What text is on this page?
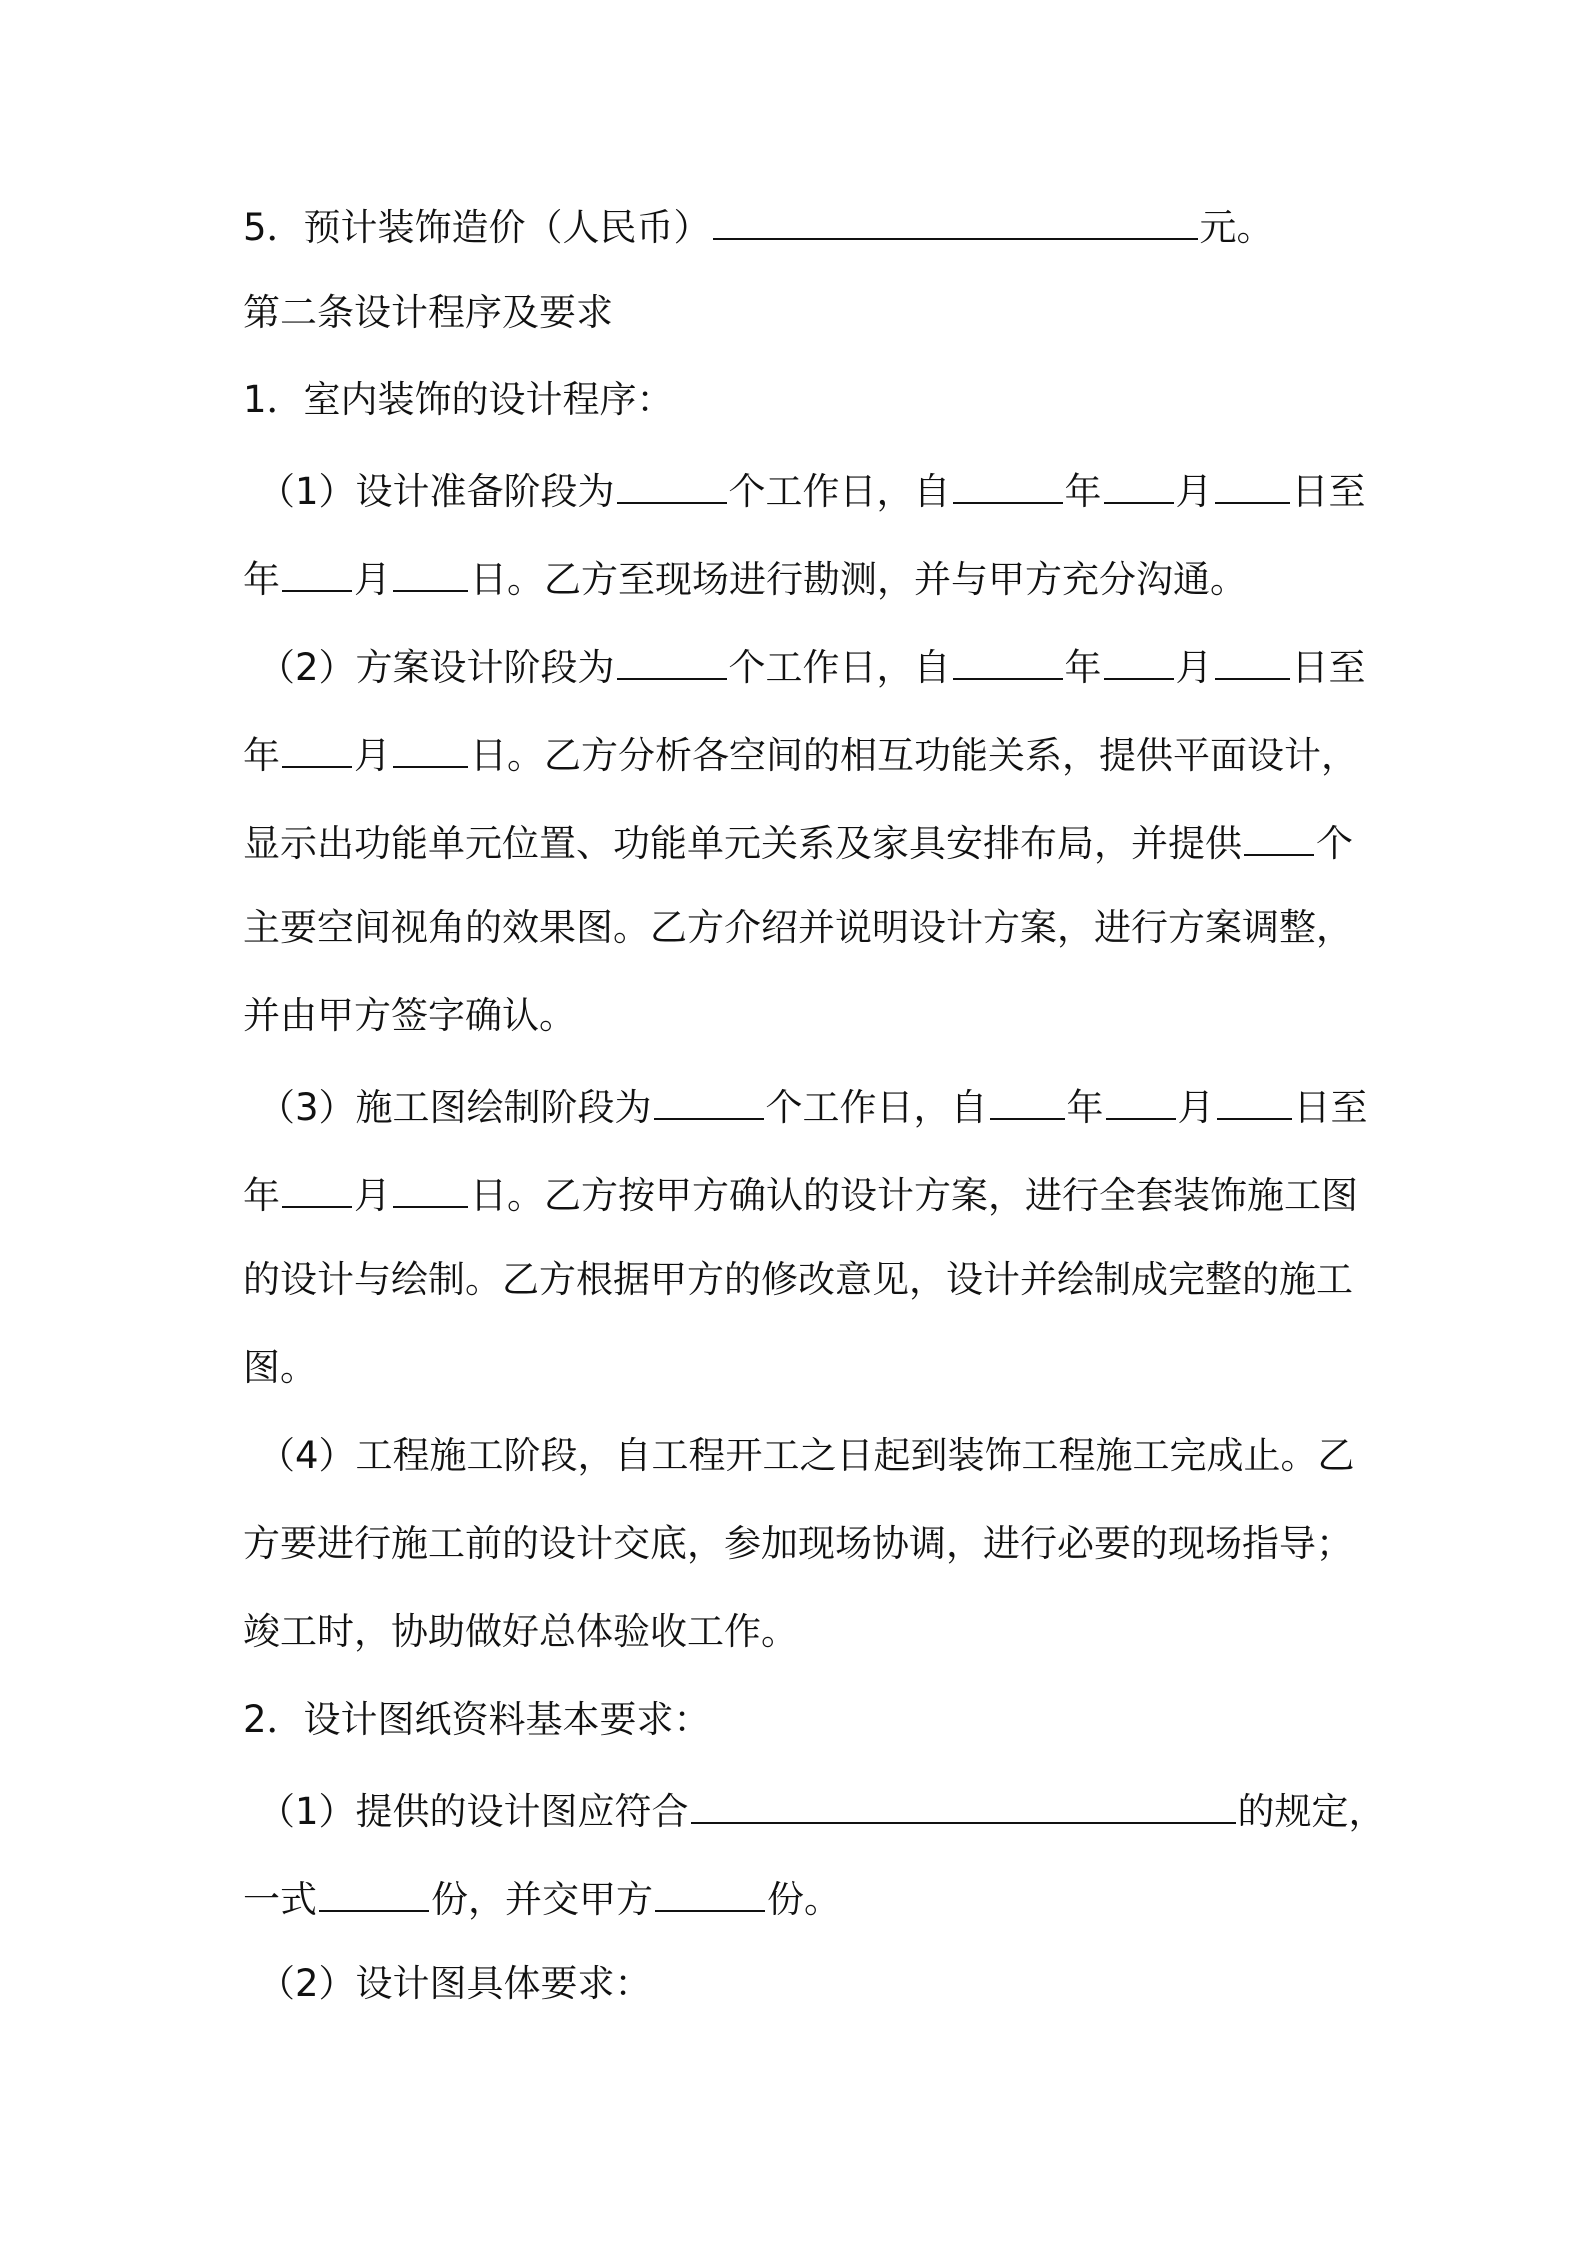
5．预计装饰造价（人民币）	元。
第二条设计程序及要求
1．室内装饰的设计程序：
（1）设计准备阶段为	个工作日，自	年 月 日至
年 月 日。乙方至现场进行勘测，并与甲方充分沟通。
（2）方案设计阶段为	个工作日，自	年 月 日至
年 月 日。乙方分析各空间的相互功能关系，提供平面设计，
显示出功能单元位置、功能单元关系及家具安排布局，并提供 个
主要空间视角的效果图。乙方介绍并说明设计方案，进行方案调整，
并由甲方签字确认。
（3）施工图绘制阶段为	个工作日，自 年 月 日至
年 月 日。乙方按甲方确认的设计方案，进行全套装饰施工图
的设计与绘制。乙方根据甲方的修改意见，设计并绘制成完整的施工
图。
（4）工程施工阶段，自工程开工之日起到装饰工程施工完成止。乙
方要进行施工前的设计交底，参加现场协调，进行必要的现场指导；
竣工时，协助做好总体验收工作。
2．设计图纸资料基本要求：
（1）提供的设计图应符合	的规定，
一式	份，并交甲方	份。
（2）设计图具体要求：
